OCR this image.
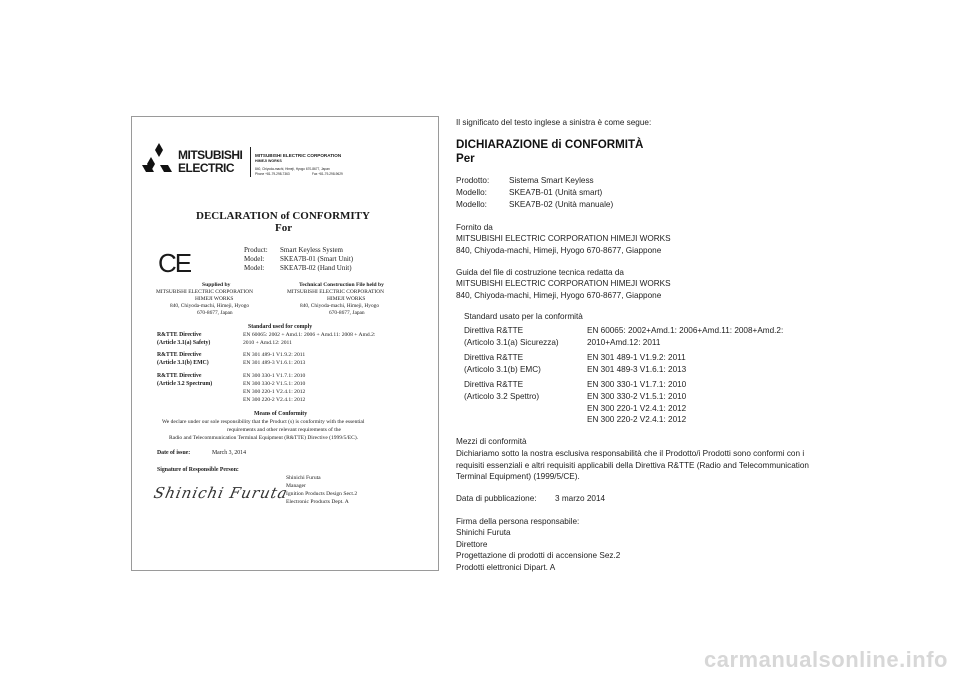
MITSUBISHI
ELECTRIC
MITSUBISHI ELECTRIC CORPORATION
HIMEJI WORKS
840, Chiyoda-machi, Himeji, Hyogo 670-8677, Japan
Phone +81-79-298-7363	Fax +81-79-298-9629
DECLARATION of CONFORMITY
For
CE	Product: Smart Keyless System
Model: SKEA7B-01 (Smart Unit)
Model: SKEA7B-02 (Hand Unit)
Supplied by
MITSUBISHI ELECTRIC CORPORATION
HIMEJI WORKS
840, Chiyoda-machi, Himeji, Hyogo
670-8677, Japan
Technical Construction File held by
MITSUBISHI ELECTRIC CORPORATION
HIMEJI WORKS
840, Chiyoda-machi, Himeji, Hyogo
670-8677, Japan
Standard used for comply
R&TTE Directive
(Article 3.1(a) Safety)
EN 60065: 2002 + Amd.1: 2006 + Amd.11: 2008 + Amd.2:
2010 + Amd.12: 2011
R&TTE Directive
(Article 3.1(b) EMC)
EN 301 489-1 V1.9.2: 2011
EN 301 489-3 V1.6.1: 2013
R&TTE Directive
(Article 3.2 Spectrum)
EN 300 330-1 V1.7.1: 2010
EN 300 330-2 V1.5.1: 2010
EN 300 220-1 V2.4.1: 2012
EN 300 220-2 V2.4.1: 2012
Means of Conformity
We declare under our sole responsibility that the Product (s) is conformity with the essential
requirements and other relevant requirements of the
Radio and Telecommunication Terminal Equipment (R&TTE) Directive (1999/5/EC).
Date of issue:	March 3, 2014
Signature of Responsible Person:
Shinichi Furuta
Shinichi Furuta
Manager
Ignition Products Design Sect.2
Electronic Products Dept. A
Il significato del testo inglese a sinistra è come segue:
DICHIARAZIONE di CONFORMITÀ
Per
Prodotto: Sistema Smart Keyless
Modello:	SKEA7B-01 (Unità smart)
Modello:	SKEA7B-02 (Unità manuale)
Fornito da
MITSUBISHI ELECTRIC CORPORATION HIMEJI WORKS
840, Chiyoda-machi, Himeji, Hyogo 670-8677, Giappone
Guida del file di costruzione tecnica redatta da
MITSUBISHI ELECTRIC CORPORATION HIMEJI WORKS
840, Chiyoda-machi, Himeji, Hyogo 670-8677, Giappone
Standard usato per la conformità
Direttiva R&TTE
(Articolo 3.1(a) Sicurezza)
EN 60065: 2002+Amd.1: 2006+Amd.11: 2008+Amd.2:
2010+Amd.12: 2011
Direttiva R&TTE
(Articolo 3.1(b) EMC)
EN 301 489-1 V1.9.2: 2011
EN 301 489-3 V1.6.1: 2013
Direttiva R&TTE
(Articolo 3.2 Spettro)
EN 300 330-1 V1.7.1: 2010
EN 300 330-2 V1.5.1: 2010
EN 300 220-1 V2.4.1: 2012
EN 300 220-2 V2.4.1: 2012
Mezzi di conformità
Dichiariamo sotto la nostra esclusiva responsabilità che il Prodotto/i Prodotti sono conformi con i
requisiti essenziali e altri requisiti applicabili della Direttiva R&TTE (Radio and Telecommunication
Terminal Equipment) (1999/5/CE).
Data di pubblicazione: 3 marzo 2014
Firma della persona responsabile:
Shinichi Furuta
Direttore
Progettazione di prodotti di accensione Sez.2
Prodotti elettronici Dipart. A
carmanualsonline.info
